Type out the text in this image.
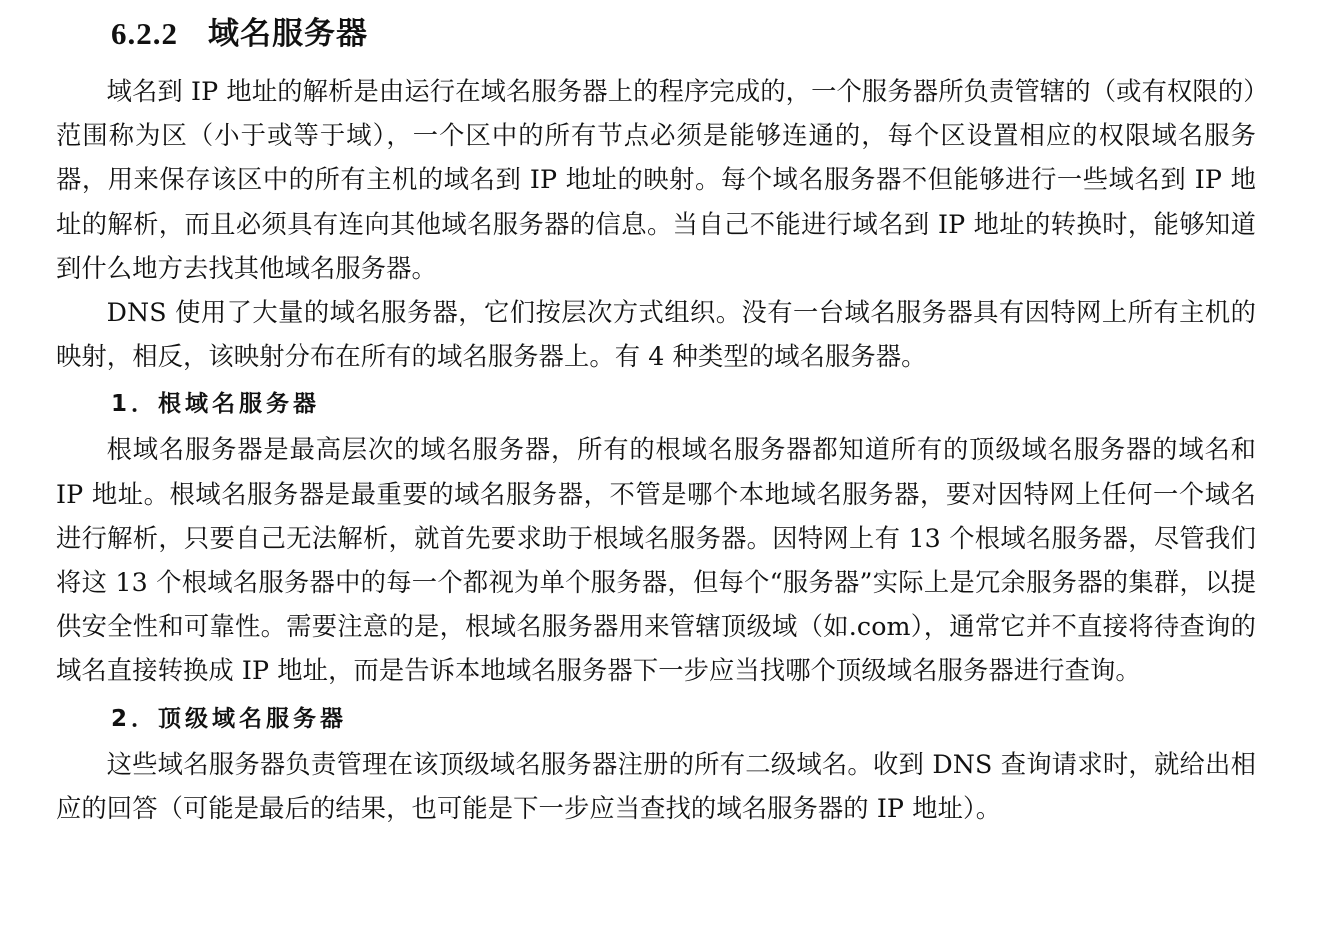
6.2.2 域名服务器

域名到 IP 地址的解析是由运行在域名服务器上的程序完成的，一个服务器所负责管辖的（或有权限的）范围称为区（小于或等于域），一个区中的所有节点必须是能够连通的，每个区设置相应的权限域名服务器，用来保存该区中的所有主机的域名到 IP 地址的映射。每个域名服务器不但能够进行一些域名到 IP 地址的解析，而且必须具有连向其他域名服务器的信息。当自己不能进行域名到 IP 地址的转换时，能够知道到什么地方去找其他域名服务器。

DNS 使用了大量的域名服务器，它们按层次方式组织。没有一台域名服务器具有因特网上所有主机的映射，相反，该映射分布在所有的域名服务器上。有 4 种类型的域名服务器。

1．根域名服务器

根域名服务器是最高层次的域名服务器，所有的根域名服务器都知道所有的顶级域名服务器的域名和 IP 地址。根域名服务器是最重要的域名服务器，不管是哪个本地域名服务器，要对因特网上任何一个域名进行解析，只要自己无法解析，就首先要求助于根域名服务器。因特网上有 13 个根域名服务器，尽管我们将这 13 个根域名服务器中的每一个都视为单个服务器，但每个“服务器”实际上是冗余服务器的集群，以提供安全性和可靠性。需要注意的是，根域名服务器用来管辖顶级域（如.com），通常它并不直接将待查询的域名直接转换成 IP 地址，而是告诉本地域名服务器下一步应当找哪个顶级域名服务器进行查询。

2．顶级域名服务器

这些域名服务器负责管理在该顶级域名服务器注册的所有二级域名。收到 DNS 查询请求时，就给出相应的回答（可能是最后的结果，也可能是下一步应当查找的域名服务器的 IP 地址）。
